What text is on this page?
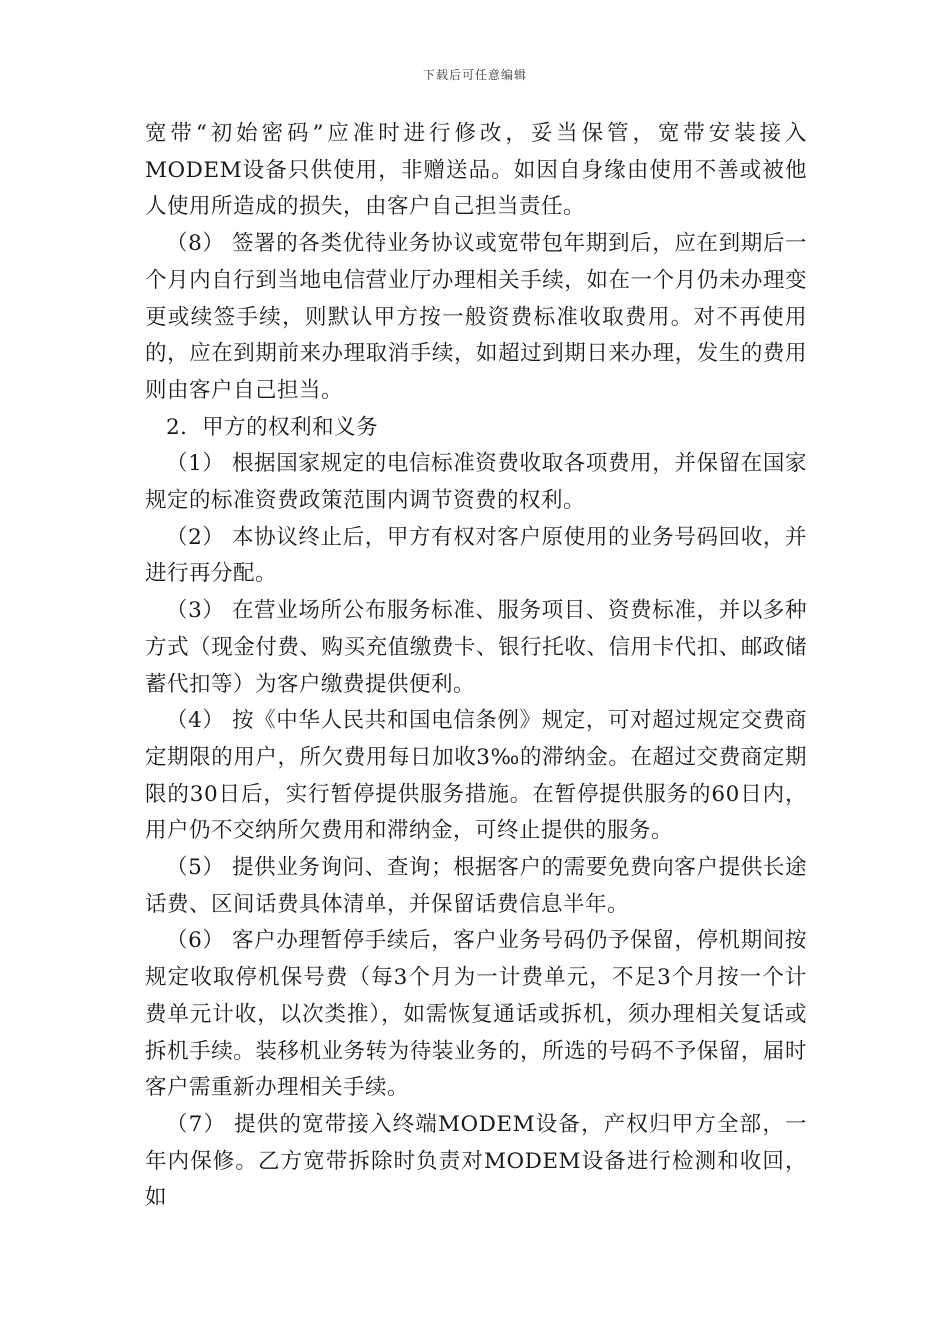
下载后可任意编辑

宽带“初始密码”应准时进行修改，妥当保管，宽带安装接入MODEM设备只供使用，非赠送品。如因自身缘由使用不善或被他人使用所造成的损失，由客户自己担当责任。

（8） 签署的各类优待业务协议或宽带包年期到后，应在到期后一个月内自行到当地电信营业厅办理相关手续，如在一个月仍未办理变更或续签手续，则默认甲方按一般资费标准收取费用。对不再使用的，应在到期前来办理取消手续，如超过到期日来办理，发生的费用则由客户自己担当。

2．甲方的权利和义务

（1） 根据国家规定的电信标准资费收取各项费用，并保留在国家规定的标准资费政策范围内调节资费的权利。

（2） 本协议终止后，甲方有权对客户原使用的业务号码回收，并进行再分配。

（3） 在营业场所公布服务标准、服务项目、资费标准，并以多种方式（现金付费、购买充值缴费卡、银行托收、信用卡代扣、邮政储蓄代扣等）为客户缴费提供便利。

（4） 按《中华人民共和国电信条例》规定，可对超过规定交费商定期限的用户，所欠费用每日加收3‰的滞纳金。在超过交费商定期限的30日后，实行暂停提供服务措施。在暂停提供服务的60日内，用户仍不交纳所欠费用和滞纳金，可终止提供的服务。

（5） 提供业务询问、查询；根据客户的需要免费向客户提供长途话费、区间话费具体清单，并保留话费信息半年。

（6） 客户办理暂停手续后，客户业务号码仍予保留，停机期间按规定收取停机保号费（每3个月为一计费单元，不足3个月按一个计费单元计收，以次类推），如需恢复通话或拆机，须办理相关复话或拆机手续。装移机业务转为待装业务的，所选的号码不予保留，届时客户需重新办理相关手续。

（7） 提供的宽带接入终端MODEM设备，产权归甲方全部，一年内保修。乙方宽带拆除时负责对MODEM设备进行检测和收回，如
